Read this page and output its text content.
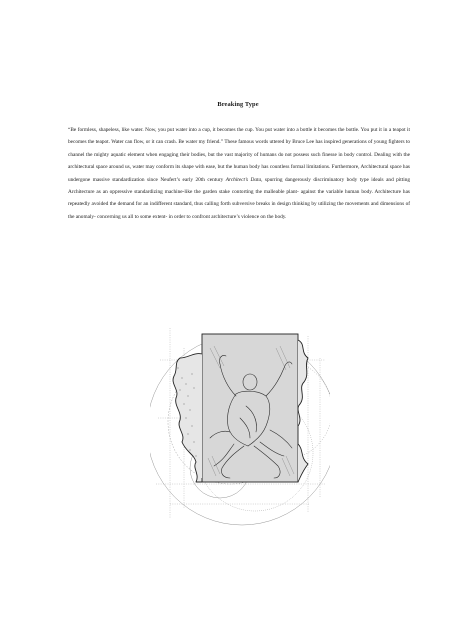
Breaking Type
“Be formless, shapeless, like water. Now, you put water into a cup, it becomes the cup. You put water into a bottle it becomes the bottle. You put it in a teapot it becomes the teapot. Water can flow, or it can crash. Be water my friend.” These famous words uttered by Bruce Lee has inspired generations of young fighters to channel the mighty aquatic element when engaging their bodies, but the vast majority of humans do not possess such finesse in body control. Dealing with the architectural space around us, water may conform its shape with ease, but the human body has countless formal limitations. Furthermore, Architectural space has undergone massive standardization since Neufert’s early 20th century Architect’s Data, spurring dangerously discriminatory body type ideals and pitting Architecture as an oppressive standardizing machine-like the garden stake contorting the malleable plant- against the variable human body. Architecture has repeatedly avoided the demand for an indifferent standard, thus calling forth subversive breaks in design thinking by utilizing the movements and dimensions of the anomaly- concerning us all to some extent- in order to confront architecture’s violence on the body.
